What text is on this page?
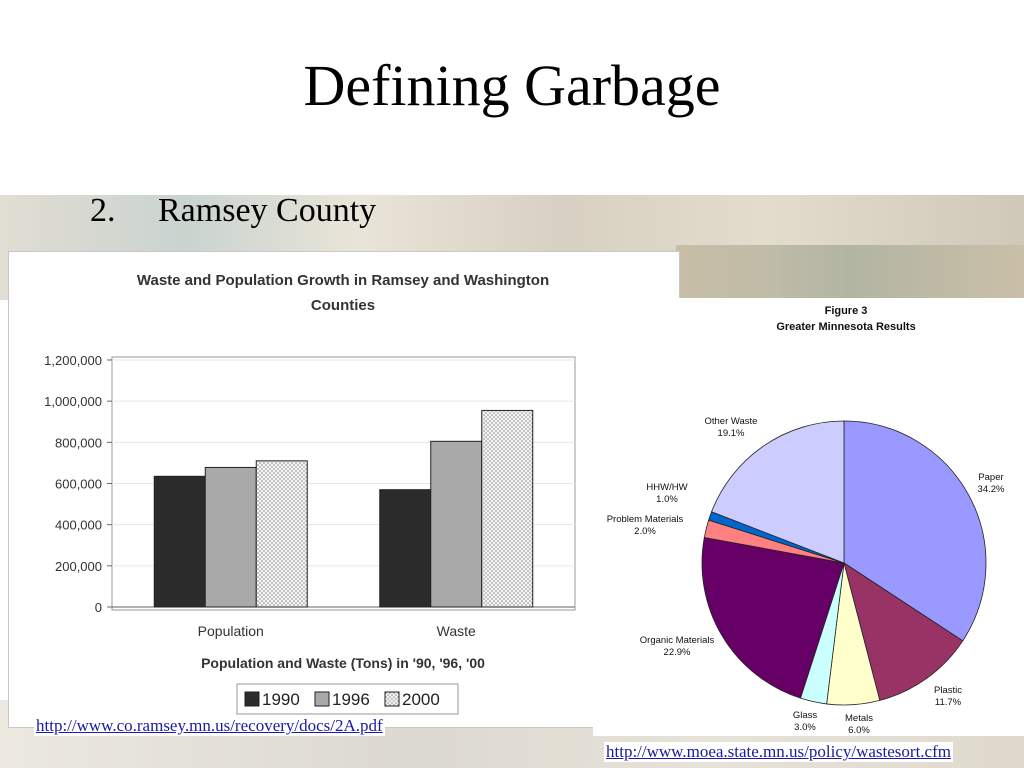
Defining Garbage
2. Ramsey County
Waste and Population Growth in Ramsey and Washington
Counties
1,200,000
1,000,000
800,000
600,000
400,000
200,000
0
Population	Waste
Population and Waste (Tons) in '90, '96, '00
1990 1996 2000
Figure 3
Greater Minnesota Results
Paper
34.2%
Plastic
11.7%
Metals
6.0%
Glass
3.0%
Organic Materials
22.9%
Problem Materials
2.0%
HHW/HW
1.0%
Other Waste
19.1%
http://www.co.ramsey.mn.us/recovery/docs/2A.pdf
http://www.moea.state.mn.us/policy/wastesort.cfm
